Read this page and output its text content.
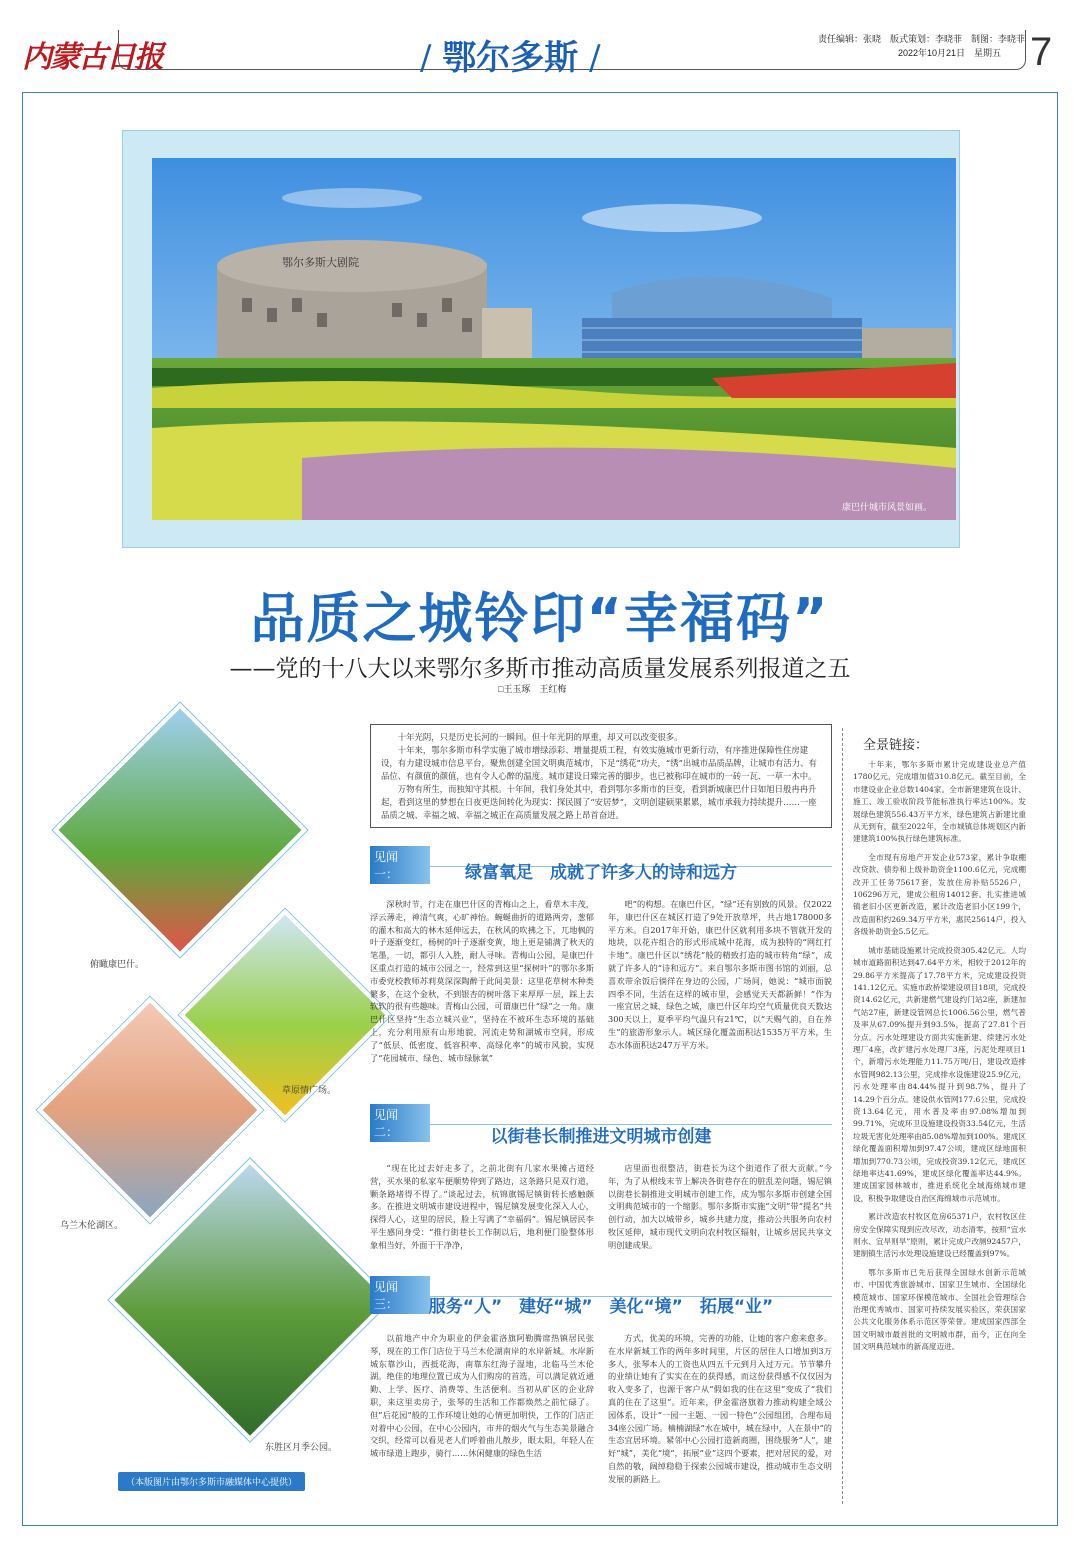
内蒙古日报	/ 鄂尔多斯 /	责任编辑：张晓　版式策划：李晓菲　制图：李晓菲
2022年10月21日　星期五 7
鄂尔多斯大剧院
康巴什城市风景如画。
品质之城铃印“幸福码”
——党的十八大以来鄂尔多斯市推动高质量发展系列报道之五
□王玉琢　王红梅
俯瞰康巴什。
草原情广场。
乌兰木伦湖区。
东胜区月季公园。
（本版图片由鄂尔多斯市融媒体中心提供）

十年光阴，只是历史长河的一瞬间。但十年光阴的厚重，却又可以改变很多。

十年来，鄂尔多斯市科学实施了城市增绿添彩、增量提质工程，有效实施城市更新行动，有序推进保障性住房建设，有力建设城市信息平台，聚焦创建全国文明典范城市，下足“绣花”功夫，“绣”出城市品质品牌，让城市有活力、有品位、有颜值的颜值，也有令人心醉的温度。城市建设日臻完善的脚步，也已被称印在城市的一砖一瓦、一草一木中。

万物有所生，而独知守其根。十年间，我们身处其中，看到鄂尔多斯市的巨变，看到新城康巴什日如旭日般冉冉升起，看到这里的梦想在日夜更迭间转化为现实：探民圆了“安居梦”，文明创建硕果累累，城市承载力持续提升……一座品质之城、幸福之城、幸福之城正在高质量发展之路上昂首奋进。

见闻一：	绿富氧足　成就了许多人的诗和远方
深秋时节，行走在康巴什区的青梅山之上，看草木丰茂，浮云薄走，神清气爽，心旷神怡。蜿蜒曲折的道路两旁，葱郁的灌木和高大的林木延伸远去，在秋风的吹拂之下，兀地枫的叶子逐渐变红，杨树的叶子逐渐变黄，地上更是铺满了秋天的笔墨，一切，都引人入胜，耐人寻味。青梅山公园，是康巴什区重点打造的城市公园之一，经常到这里“探树叶”的鄂尔多斯市委党校教师苏莉莫深深陶醉于此间美景：这里花草树木种类繁多，在这个金秋，不到银杏的树叶落下来厚厚一层，踩上去软软的很有些趣味。青梅山公园，可谓康巴什“绿”之一角。康巴什区坚持“生态立城兴业”，坚持在不被环生态环境的基础上，充分利用原有山形地貌，河流走势和湖城市空间，形成了“低层、低密度、低容积率、高绿化率”的城市风貌，实现了“花园城市、绿色、城市绿脉氧”
吧”的构想。在康巴什区，“绿”还有别致的风景。仅2022年，康巴什区在城区打造了9处开放草坪，共占地178000多平方米。自2017年开始，康巴什区就利用多块不管就开发的地块，以花卉组合的形式形成城中花海，成为独特的“网红打卡地”。康巴什区以“绣花”般的精致打造的城市转角“绿”，成就了许多人的“诗和远方”。来自鄂尔多斯市图书馆的刘丽，总喜欢带余饭后徜徉在身边的公园，广场间，她说：“城市面貌四季不同，生活在这样的城市里，会感觉天天都新鲜！”作为一座宜居之城、绿色之城，康巴什区年均空气质量优良天数达300天以上，夏季平均气温只有21℃，以“天赐气韵，自在养生”的旅游形象示人。城区绿化覆盖面积达1535万平方米，生态水体面积达247万平方米。
见闻二：	以街巷长制推进文明城市创建
“现在比过去好走多了，之前北街有几家水果摊占道经营，买水果的私家车便顺势停到了路边，这条路只是双行道，颗条路堵得不得了。”谈起过去，杭锦旗锡尼镇街转长感触颇多。在推进文明城市建设进程中，锡尼镇发展变化深入人心，探得人心，这里的居民，脸上写满了“幸福码”。锡尼镇居民李平生感同身受：“推行街巷长工作制以后，地利便门脸整体形象相当好，外面干干净净，
店里面也很整洁，街巷长为这个街道作了很大贡献。”今年，为了从根线末节上解决各街巷存在的脏乱差问题，锡尼镇以街巷长制推进文明城市创建工作，成为鄂尔多斯市创建全国文明典范城市的一个缩影。鄂尔多斯市实施“文明”带“提名”共创行动，加大以城带乡，城乡共建力度，推动公共服务向农村牧区延伸，城市现代文明向农村牧区辐射，让城乡居民共享文明创建成果。
见闻三：	服务“人”　建好“城”　美化“境”　拓展“业”
以前地产中介为职业的伊金霍洛旗阿勒腾席热镇居民张琴，现在的工作门店位于马兰木伦湖南岸的水岸新城。水岸新城东靠沙山，西抵花海，南靠东红海子湿地，北临马兰木伦湖。绝佳的地理位置已成为人们购房的首选，可以满足就近通勤、上学、医疗、消费等、生活便利。当初从矿区的企业辞职，来这里卖房子，张琴的生活和工作都焕然之前忙碌了。但”后花园”般的工作环境让她的心情更加明快，工作的门店正对着中心公园，在中心公园内，市井的烟火气与生态美景融合交织，经常可以看见老人们呼着曲儿散步，眼太阳，年轻人在城市绿道上跑步，骑行……休闲健康的绿色生活
方式，优美的环境，完善的功能，让她的客户愈来愈多。在水岸新城工作的两年多时间里，片区的居住人口增加到3万多人，张琴本人的工资也从四五千元到月入过万元。节节攀升的业绩让她有了实实在在的获得感，而这份获得感不仅仅因为收入变多了，也源于客户从“假如我的住在这里”变成了“我们真的住在了这里”。近年来，伊金霍洛旗着力推动构建全域公园体系，设计“一园一主题、一园一特色”公园组团，合理布局34座公园广场。楠楠湖绿“水在城中，城在绿中，人在景中”的生态宜居环境。紧邻中心公园打造新商圈，围绕服务“人”，建好“城”，美化“境”，拓展“业”这四个要素，把对居民的爱，对自然的敬，阔绰稳稳于探索公园城市建设，推动城市生态文明发展的新路上。
全景链接：
十年来，鄂尔多斯市累计完成建设业总产值1780亿元，完成增加值310.8亿元。截至目前，全市建设业企业总数1404家。全市新建建筑在设计、施工、竣工验收阶段节能标准执行率达100%。发展绿色建筑556.43万平方米，绿色建筑占新建比重从无到有，截至2022年，全市城镇总体规划区内新建建筑100%执行绿色建筑标准。
全市现有房地产开发企业573家，累计争取棚改贷款、债券和上级补助资金1100.6亿元，完成棚改开工任务75617套，发放住房补贴5526户，106296万元，建成公租房14012套。扎实推进城镇老旧小区更新改造，累计改造老旧小区199个，改造面积约269.34万平方米，惠民25614户，投入各级补助资金5.5亿元。
城市基础设施累计完成投资305.42亿元。人均城市道路面积达到47.64平方米，相较于2012年的29.86平方米提高了17.78平方米，完成建设投资141.12亿元。实施市政桥梁建设项目18项，完成投资14.62亿元，共新建燃气建设约门站2座，新建加气站27座，新建设管网总长1006.56公里，燃气普及率从67.09%提升到93.5%，提高了27.81个百分点。污水处理建设方面共实施新建、续建污水处理厂4座，改扩建污水处理厂3座，污泥处理项目1个，新增污水处理能力11.75万吨/日，建设改造排水管网982.13公里，完成排水设施建设25.9亿元，污水处理率由84.44%提升到98.7%，提升了14.29个百分点。建设供水管网177.6公里，完成投资13.64亿元，用水普及率由97.08%增加到99.71%，完成环卫设施建设投资33.54亿元，生活垃圾无害化处理率由85.08%增加到100%。建成区绿化覆盖面积增加到97.47公顷，建成区绿地面积增加到770.73公顷，完成投资39.12亿元，建成区绿地率达41.69%，建成区绿化覆盖率达44.9%。建成国家园林城市，推进系统化全域海绵城市建设，积极争取建设自治区海绵城市示范城市。
累计改造农村牧区危房65371户，农村牧区住房安全保障实现到应改尽改，动态清零，按照“宜水则水、宜旱则旱”原则，累计完成户改厕92457户，建制镇生活污水处理设施建设已经覆盖到97%。
鄂尔多斯市已先后获得全国绿水创新示范城市、中国优秀旅游城市、国家卫生城市、全国绿化模范城市、国家环保模范城市、全国社会管理综合治理优秀城市、国家可持续发展实验区，荣获国家公共文化服务体系示范区等荣誉。建成国家西部全国文明城市最首批的文明城市群，而今，正在向全国文明典范城市的新高度迈进。
